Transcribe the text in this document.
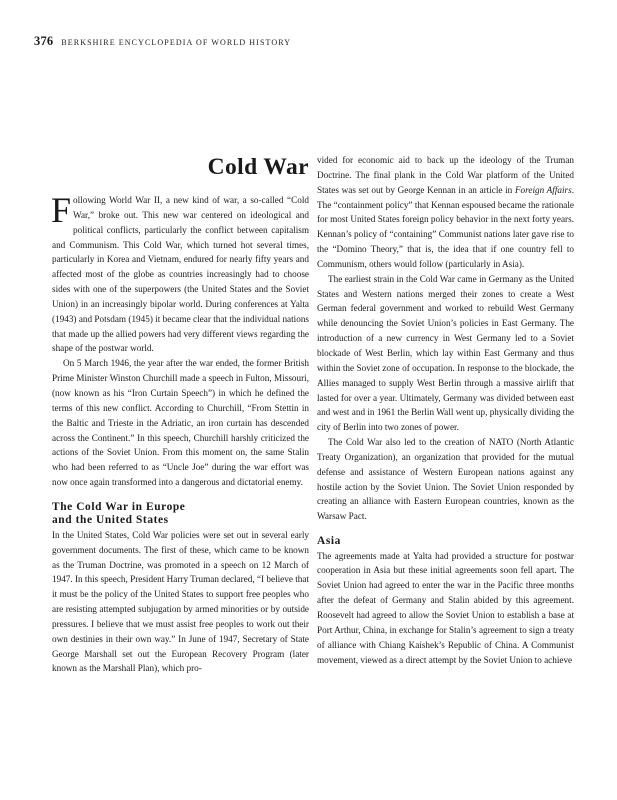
376 BERKSHIRE ENCYCLOPEDIA OF WORLD HISTORY
Cold War

Following World War II, a new kind of war, a so-called “Cold War,” broke out. This new war centered on ideological and political conflicts, particularly the conflict between capitalism and Communism. This Cold War, which turned hot several times, particularly in Korea and Vietnam, endured for nearly fifty years and affected most of the globe as countries increasingly had to choose sides with one of the superpowers (the United States and the Soviet Union) in an increasingly bipolar world. During conferences at Yalta (1943) and Potsdam (1945) it became clear that the individual nations that made up the allied powers had very different views regarding the shape of the postwar world.

On 5 March 1946, the year after the war ended, the former British Prime Minister Winston Churchill made a speech in Fulton, Missouri, (now known as his “Iron Curtain Speech”) in which he defined the terms of this new conflict. According to Churchill, “From Stettin in the Baltic and Trieste in the Adriatic, an iron curtain has descended across the Continent.” In this speech, Churchill harshly criticized the actions of the Soviet Union. From this moment on, the same Stalin who had been referred to as “Uncle Joe” during the war effort was now once again transformed into a dangerous and dictatorial enemy.

The Cold War in Europe
and the United States

In the United States, Cold War policies were set out in several early government documents. The first of these, which came to be known as the Truman Doctrine, was promoted in a speech on 12 March of 1947. In this speech, President Harry Truman declared, “I believe that it must be the policy of the United States to support free peoples who are resisting attempted subjugation by armed minorities or by outside pressures. I believe that we must assist free peoples to work out their own destinies in their own way.” In June of 1947, Secretary of State George Marshall set out the European Recovery Program (later known as the Marshall Plan), which pro-

vided for economic aid to back up the ideology of the Truman Doctrine. The final plank in the Cold War platform of the United States was set out by George Kennan in an article in Foreign Affairs. The “containment policy” that Kennan espoused became the rationale for most United States foreign policy behavior in the next forty years. Kennan’s policy of “containing” Communist nations later gave rise to the “Domino Theory,” that is, the idea that if one country fell to Communism, others would follow (particularly in Asia).

The earliest strain in the Cold War came in Germany as the United States and Western nations merged their zones to create a West German federal government and worked to rebuild West Germany while denouncing the Soviet Union’s policies in East Germany. The introduction of a new currency in West Germany led to a Soviet blockade of West Berlin, which lay within East Germany and thus within the Soviet zone of occupation. In response to the blockade, the Allies managed to supply West Berlin through a massive airlift that lasted for over a year. Ultimately, Germany was divided between east and west and in 1961 the Berlin Wall went up, physically dividing the city of Berlin into two zones of power.

The Cold War also led to the creation of NATO (North Atlantic Treaty Organization), an organization that provided for the mutual defense and assistance of Western European nations against any hostile action by the Soviet Union. The Soviet Union responded by creating an alliance with Eastern European countries, known as the Warsaw Pact.

Asia

The agreements made at Yalta had provided a structure for postwar cooperation in Asia but these initial agreements soon fell apart. The Soviet Union had agreed to enter the war in the Pacific three months after the defeat of Germany and Stalin abided by this agreement. Roosevelt had agreed to allow the Soviet Union to establish a base at Port Arthur, China, in exchange for Stalin’s agreement to sign a treaty of alliance with Chiang Kaishek’s Republic of China. A Communist movement, viewed as a direct attempt by the Soviet Union to achieve
